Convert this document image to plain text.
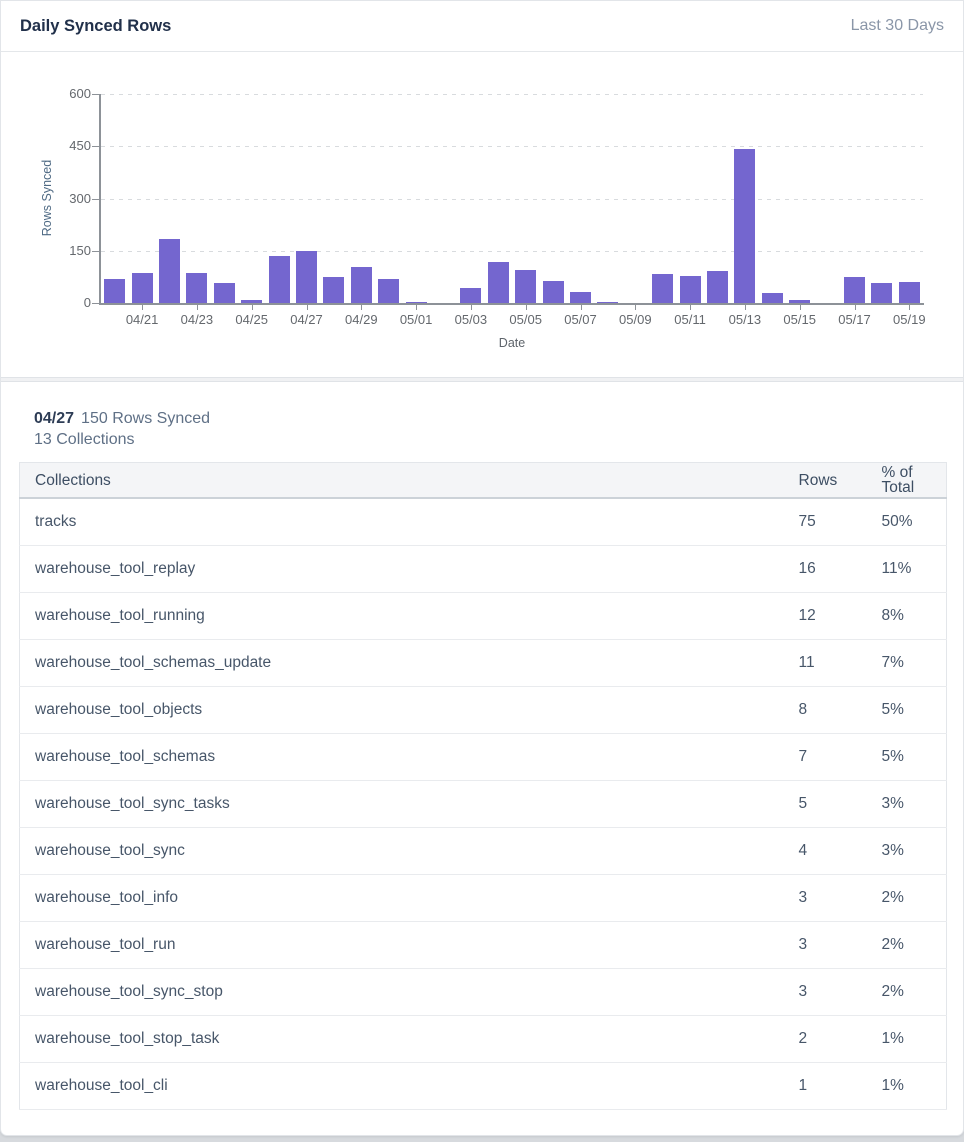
Daily Synced Rows	Last 30 Days
Rows Synced
Date
0
150
300
450
600
04/21	04/23	04/25	04/27	04/29	05/01	05/03	05/05	05/07	05/09	05/11	05/13	05/15	05/17	05/19
04/27 150 Rows Synced
13 Collections
Collections	Rows	% of Total
tracks	75	50%
warehouse_tool_replay	16	11%
warehouse_tool_running	12	8%
warehouse_tool_schemas_update	11	7%
warehouse_tool_objects	8	5%
warehouse_tool_schemas	7	5%
warehouse_tool_sync_tasks	5	3%
warehouse_tool_sync	4	3%
warehouse_tool_info	3	2%
warehouse_tool_run	3	2%
warehouse_tool_sync_stop	3	2%
warehouse_tool_stop_task	2	1%
warehouse_tool_cli	1	1%
